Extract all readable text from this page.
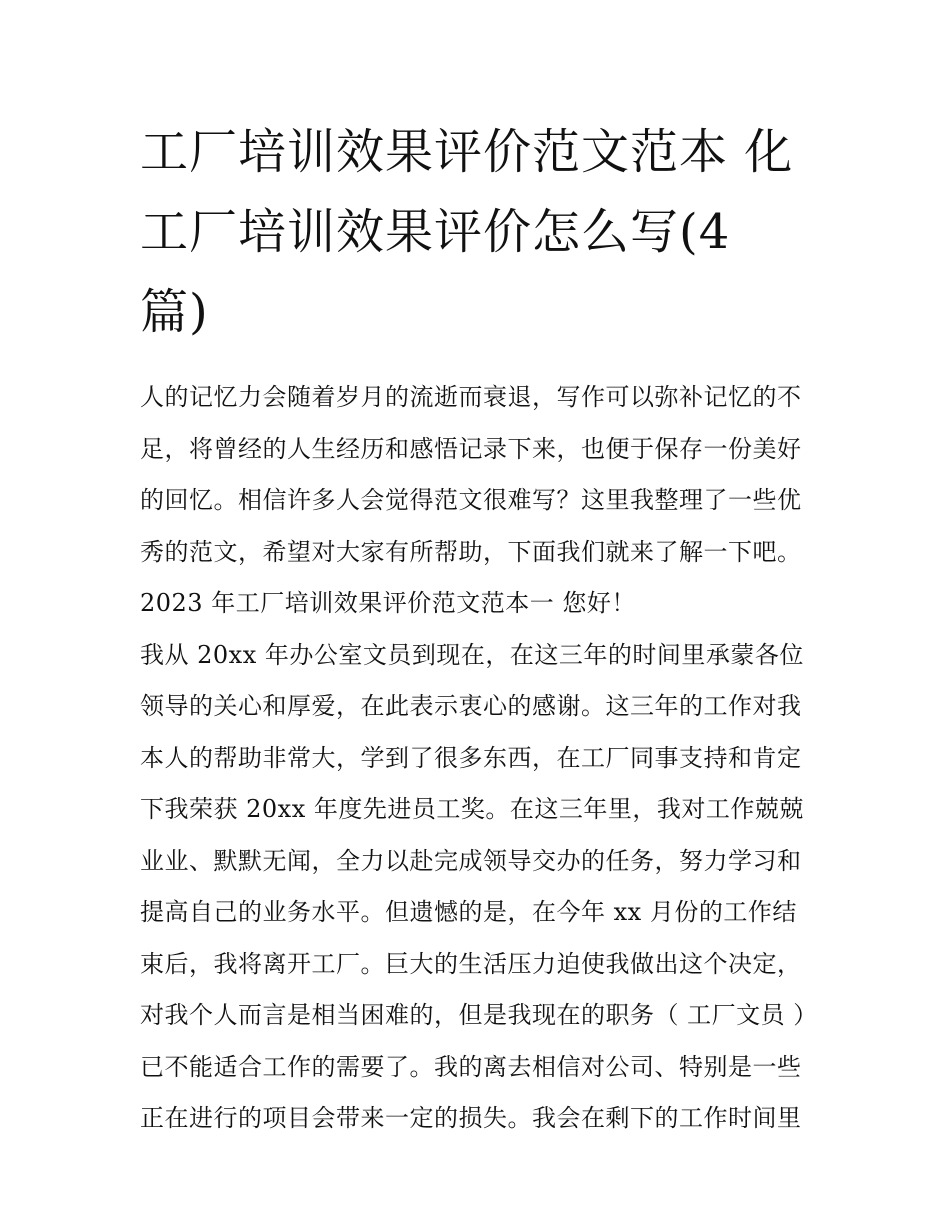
工厂培训效果评价范文范本 化
工厂培训效果评价怎么写(4
篇)
人的记忆力会随着岁月的流逝而衰退，写作可以弥补记忆的不
足，将曾经的人生经历和感悟记录下来，也便于保存一份美好
的回忆。相信许多人会觉得范文很难写？这里我整理了一些优
秀的范文，希望对大家有所帮助，下面我们就来了解一下吧。
2023 年工厂培训效果评价范文范本一 您好！
我从 20xx 年办公室文员到现在，在这三年的时间里承蒙各位
领导的关心和厚爱，在此表示衷心的感谢。这三年的工作对我
本人的帮助非常大，学到了很多东西，在工厂同事支持和肯定
下我荣获 20xx 年度先进员工奖。在这三年里，我对工作兢兢
业业、默默无闻，全力以赴完成领导交办的任务，努力学习和
提高自己的业务水平。但遗憾的是，在今年 xx 月份的工作结
束后，我将离开工厂。巨大的生活压力迫使我做出这个决定，
对我个人而言是相当困难的，但是我现在的职务（ 工厂文员 ）
已不能适合工作的需要了。我的离去相信对公司、特别是一些
正在进行的项目会带来一定的损失。我会在剩下的工作时间里
